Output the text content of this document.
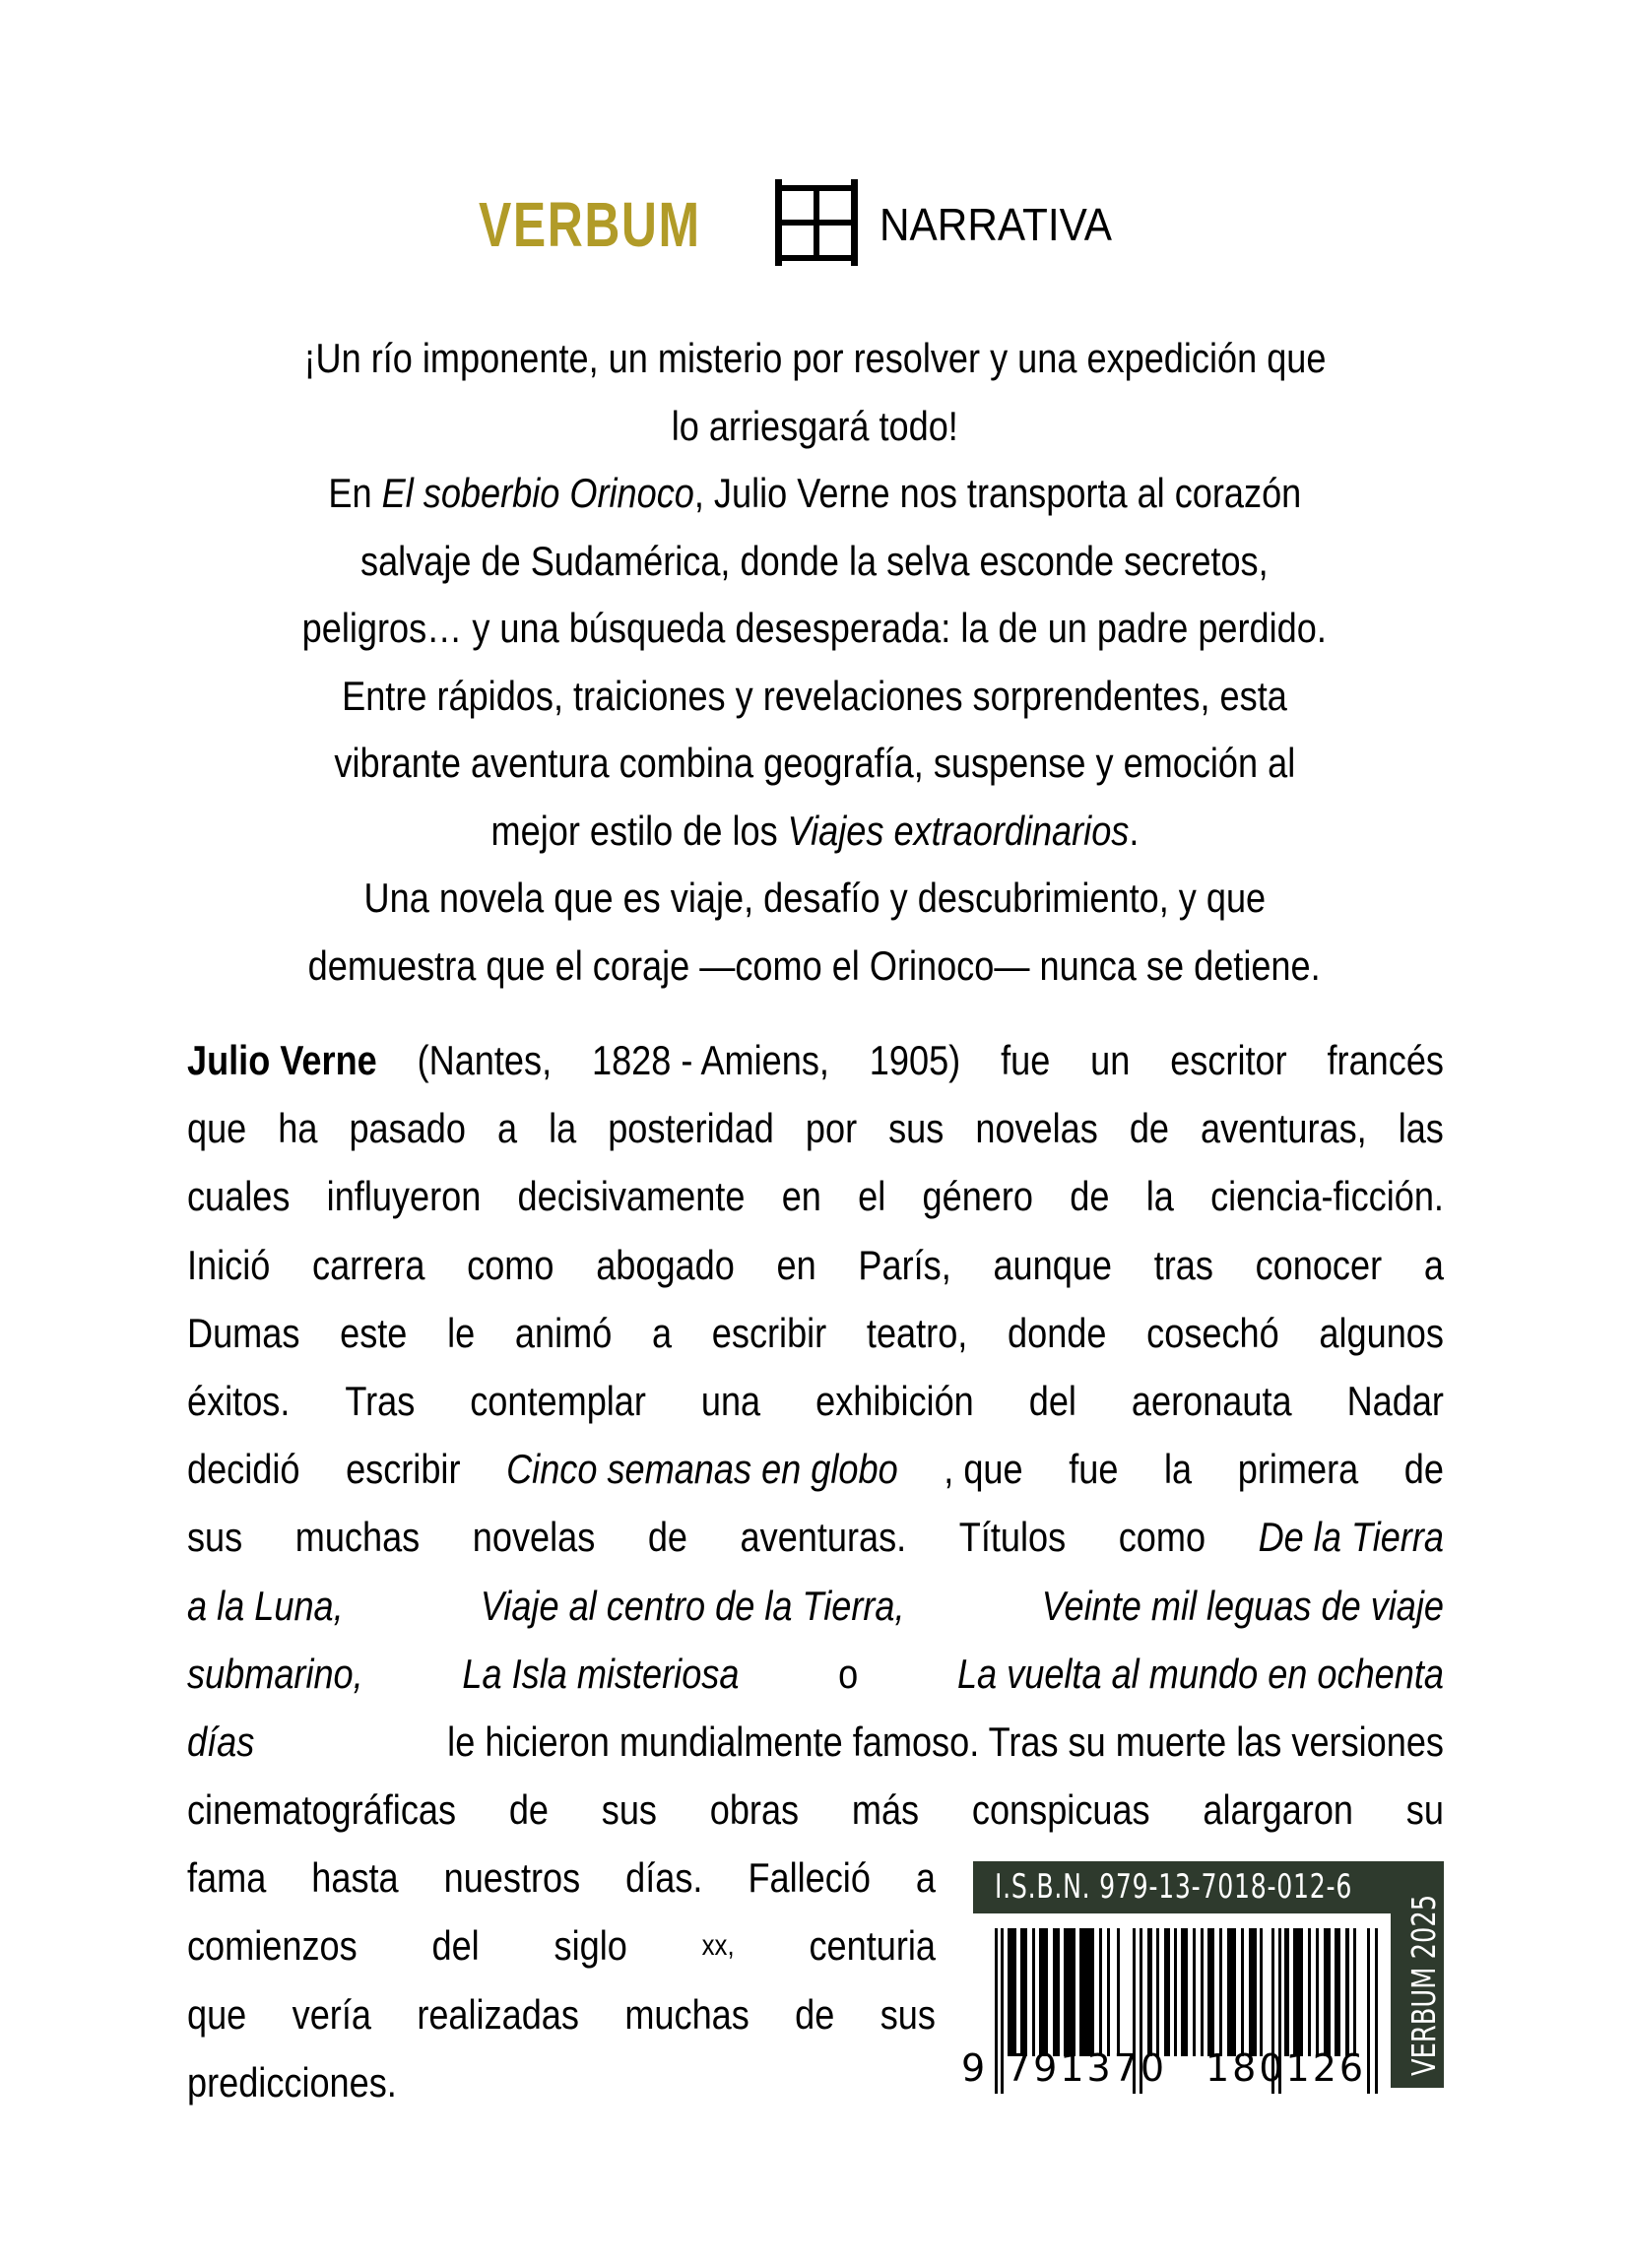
VERBUM	NARRATIVA
¡Un río imponente, un misterio por resolver y una expedición que
lo arriesgará todo!
En El soberbio Orinoco, Julio Verne nos transporta al corazón
salvaje de Sudamérica, donde la selva esconde secretos,
peligros… y una búsqueda desesperada: la de un padre perdido.
Entre rápidos, traiciones y revelaciones sorprendentes, esta
vibrante aventura combina geografía, suspense y emoción al
mejor estilo de los Viajes extraordinarios.
Una novela que es viaje, desafío y descubrimiento, y que
demuestra que el coraje —como el Orinoco— nunca se detiene.
Julio Verne (Nantes, 1828 - Amiens, 1905) fue un escritor francés
que ha pasado a la posteridad por sus novelas de aventuras, las
cuales influyeron decisivamente en el género de la ciencia-ficción.
Inició carrera como abogado en París, aunque tras conocer a
Dumas este le animó a escribir teatro, donde cosechó algunos
éxitos. Tras contemplar una exhibición del aeronauta Nadar
decidió escribir Cinco semanas en globo , que fue la primera de
sus muchas novelas de aventuras. Títulos como De la Tierra
a la Luna,	Viaje al centro de la Tierra,	Veinte mil leguas de viaje
submarino, La Isla misteriosa o La vuelta al mundo en ochenta
días	le hicieron mundialmente famoso. Tras su muerte las versiones
cinematográficas de sus obras más conspicuas alargaron su
fama hasta nuestros días. Falleció a
comienzos del siglo	xx, centuria
que vería realizadas muchas de sus
predicciones.
I.S.B.N. 979-13-7018-012-6
VERBUM 2025
9 791370 180126
